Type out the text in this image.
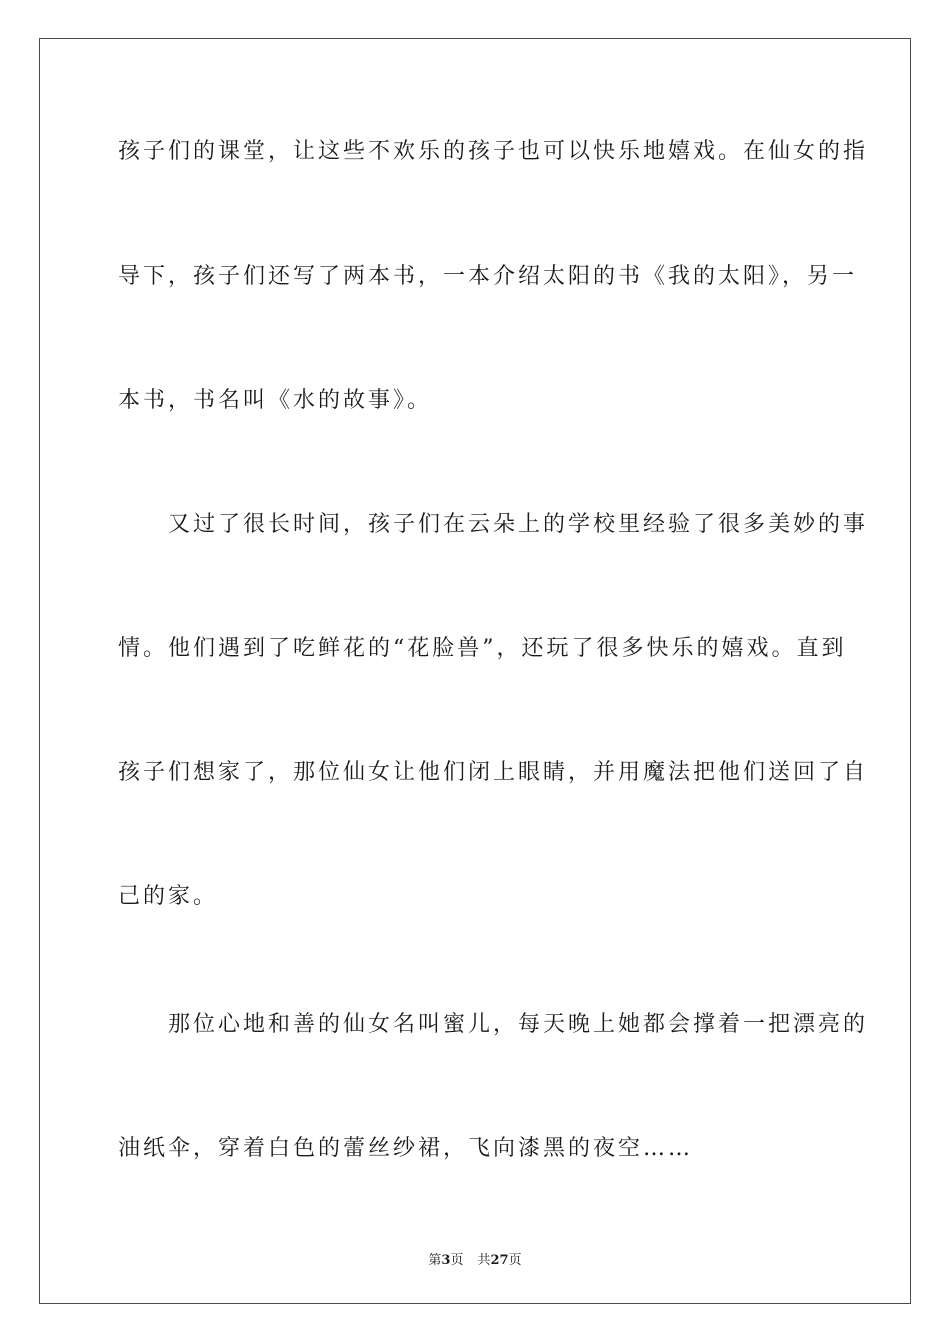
孩子们的课堂，让这些不欢乐的孩子也可以快乐地嬉戏。在仙女的指
导下，孩子们还写了两本书，一本介绍太阳的书《我的太阳》，另一
本书，书名叫《水的故事》。
　　又过了很长时间，孩子们在云朵上的学校里经验了很多美妙的事
情。他们遇到了吃鲜花的“花脸兽”，还玩了很多快乐的嬉戏。直到
孩子们想家了，那位仙女让他们闭上眼睛，并用魔法把他们送回了自
己的家。
　　那位心地和善的仙女名叫蜜儿，每天晚上她都会撑着一把漂亮的
油纸伞，穿着白色的蕾丝纱裙，飞向漆黑的夜空……
第3页 共27页
